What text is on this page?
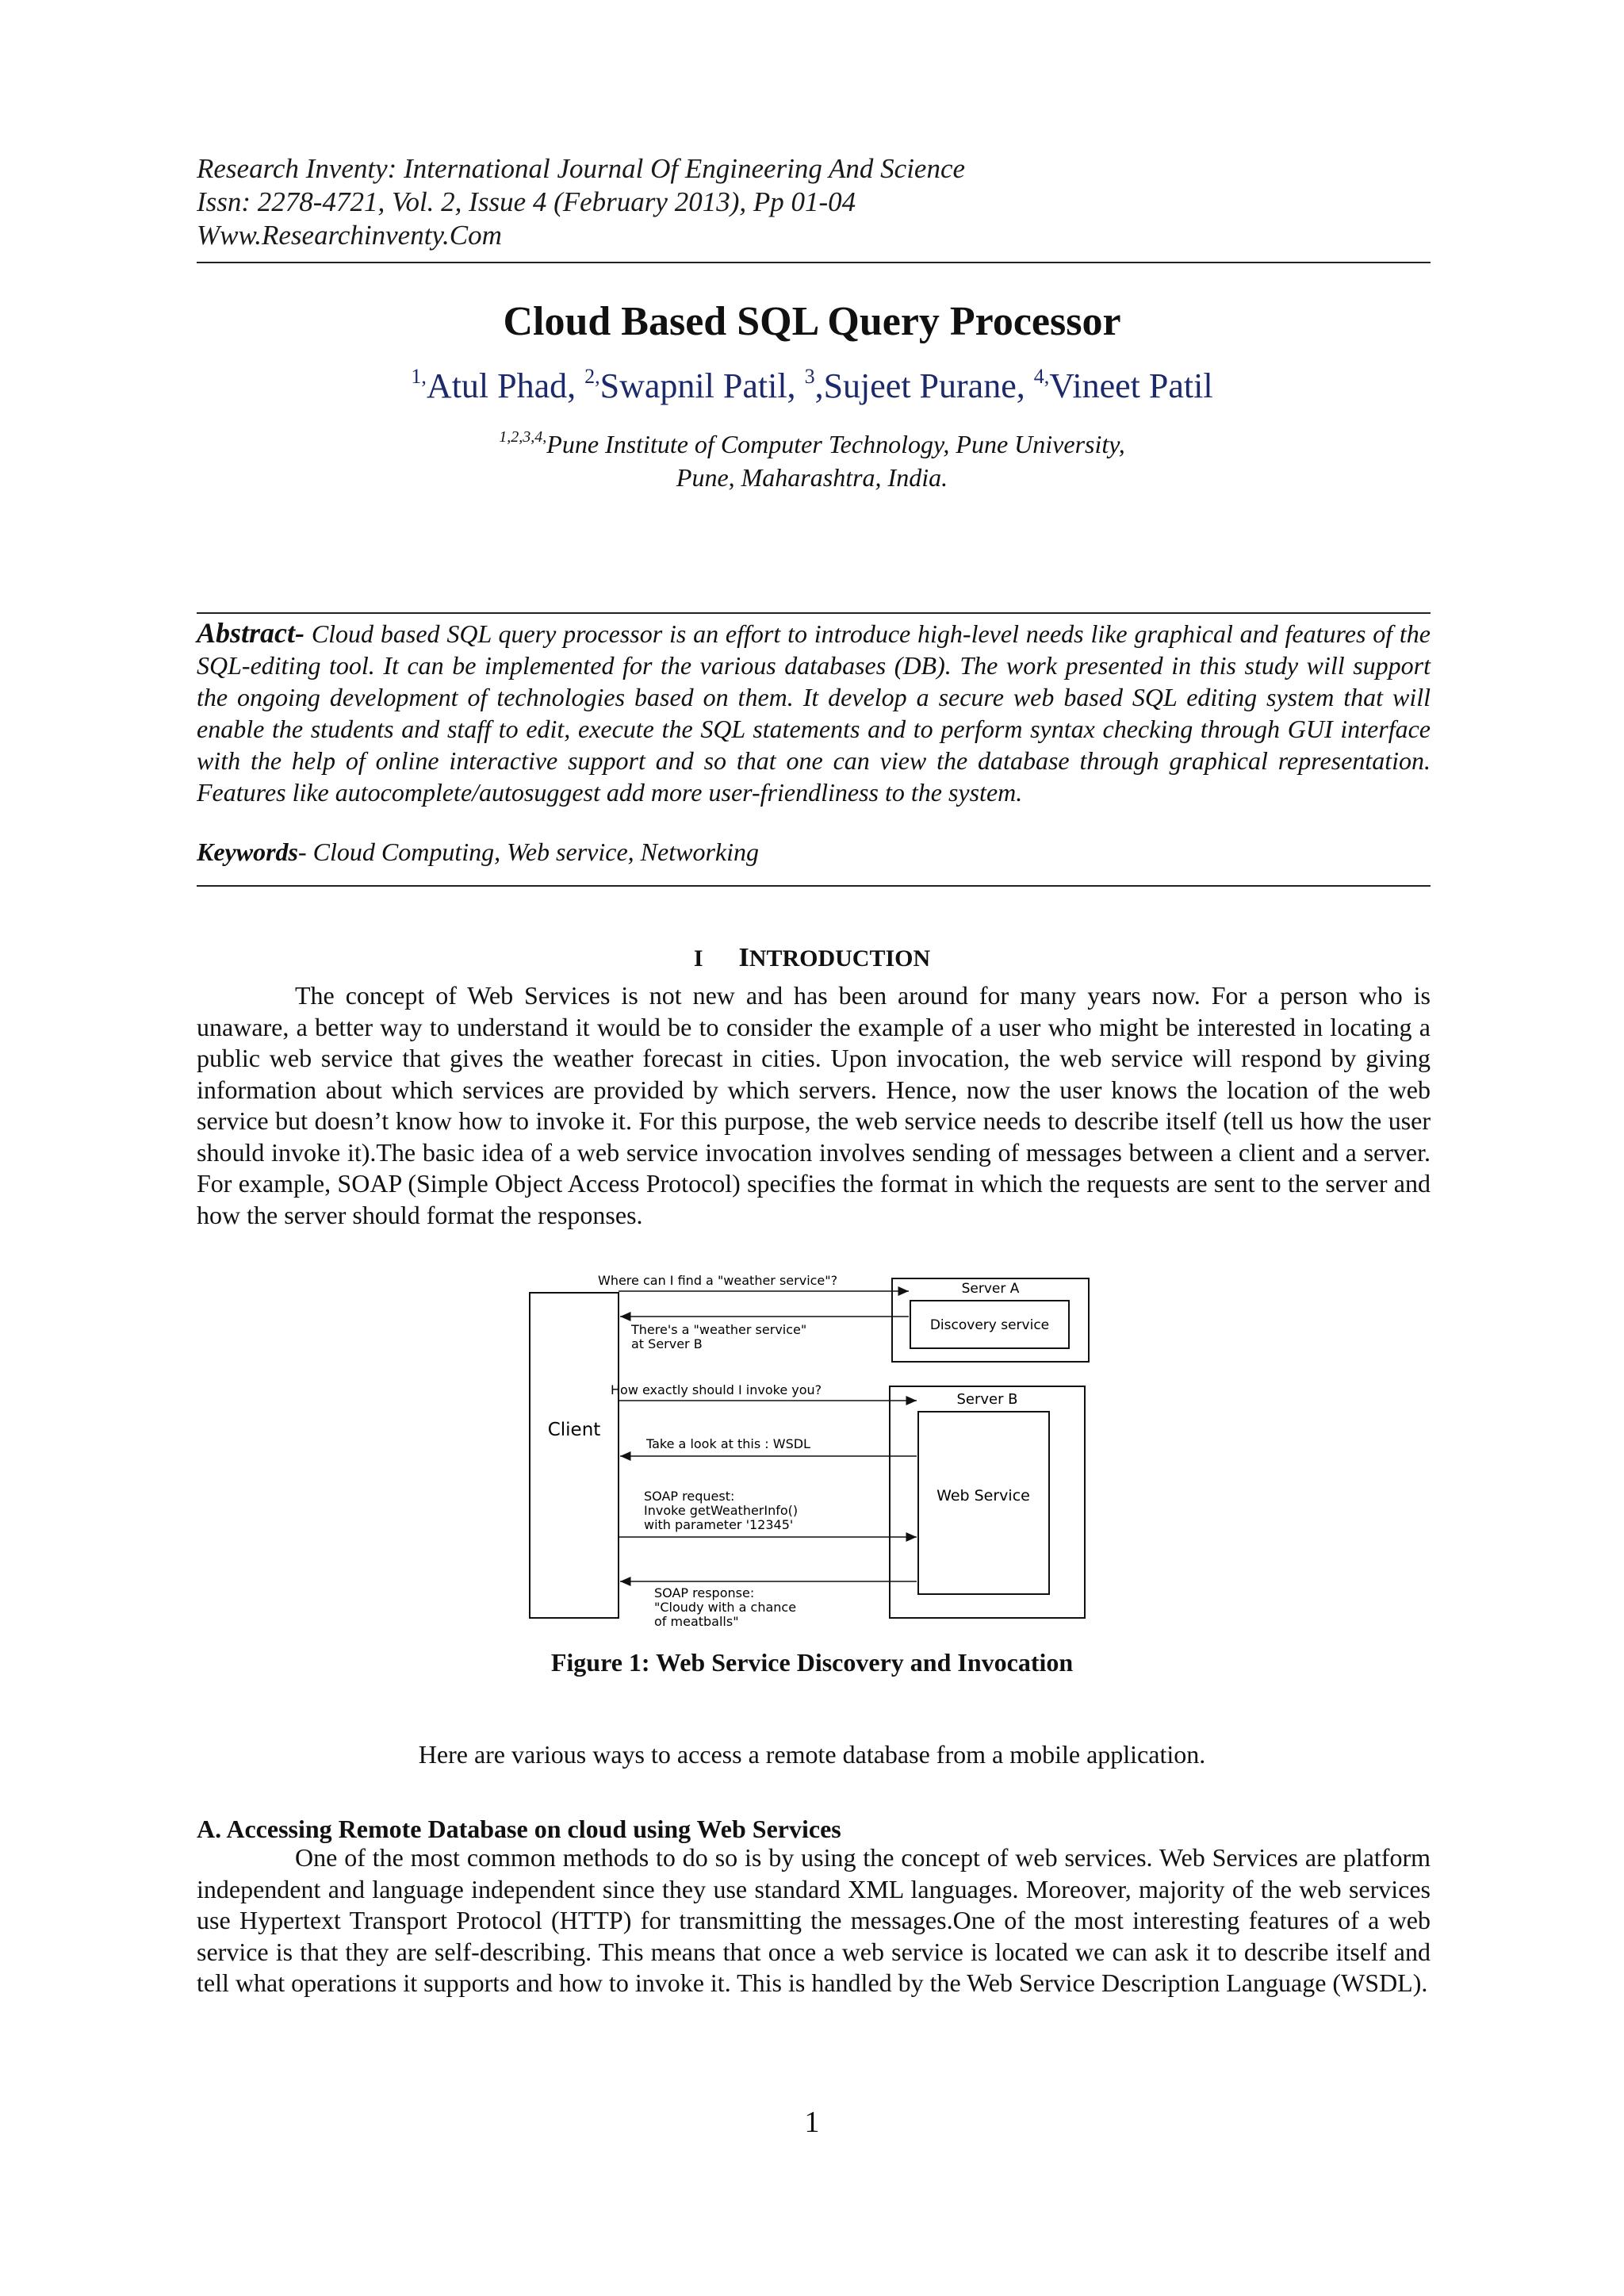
Research Inventy: International Journal Of Engineering And Science

Issn: 2278-4721, Vol. 2, Issue 4 (February 2013), Pp 01-04

Www.Researchinventy.Com

Cloud Based SQL Query Processor
$^{1,}$Atul Phad, $^{2,}$Swapnil Patil, $^3$,Sujeet Purane, $^{4,}$Vineet Patil
$^{1,2,3,4,}$Pune Institute of Computer Technology, Pune University,
Pune, Maharashtra, India.
Abstract- Cloud based SQL query processor is an effort to introduce high-level needs like graphical and features of the SQL-editing tool. It can be implemented for the various databases (DB). The work presented in this study will support the ongoing development of technologies based on them. It develop a secure web based SQL editing system that will enable the students and staff to edit, execute the SQL statements and to perform syntax checking through GUI interface with the help of online interactive support and so that one can view the database through graphical representation. Features like autocomplete/autosuggest add more user-friendliness to the system.
Keywords- Cloud Computing, Web service, Networking
I INTRODUCTION

The concept of Web Services is not new and has been around for many years now. For a person who is unaware, a better way to understand it would be to consider the example of a user who might be interested in locating a public web service that gives the weather forecast in cities. Upon invocation, the web service will respond by giving information about which services are provided by which servers. Hence, now the user knows the location of the web service but doesn’t know how to invoke it. For this purpose, the web service needs to describe itself (tell us how the user should invoke it).The basic idea of a web service invocation involves sending of messages between a client and a server. For example, SOAP (Simple Object Access Protocol) specifies the format in which the requests are sent to the server and how the server should format the responses.

Client
Server A
Discovery service
Server B
Web Service
Where can I find a "weather service"?
There's a "weather service"
at Server B
How exactly should I invoke you?
Take a look at this : WSDL
SOAP request:
Invoke getWeatherInfo()
with parameter '12345'
SOAP response:
"Cloudy with a chance
of meatballs"
Figure 1: Web Service Discovery and Invocation
Here are various ways to access a remote database from a mobile application.
A. Accessing Remote Database on cloud using Web Services

One of the most common methods to do so is by using the concept of web services. Web Services are platform independent and language independent since they use standard XML languages. Moreover, majority of the web services use Hypertext Transport Protocol (HTTP) for transmitting the messages.One of the most interesting features of a web service is that they are self-describing. This means that once a web service is located we can ask it to describe itself and tell what operations it supports and how to invoke it. This is handled by the Web Service Description Language (WSDL).

1
